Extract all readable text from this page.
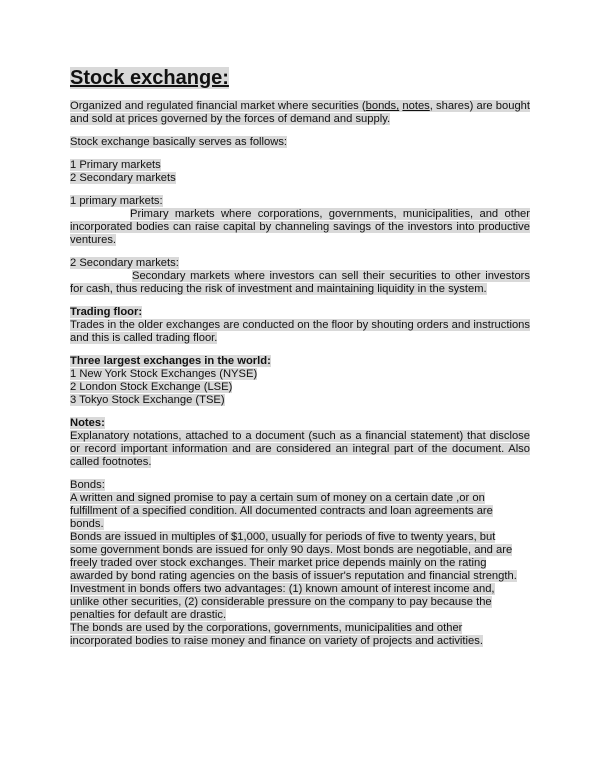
Stock exchange:

Organized and regulated financial market where securities (bonds, notes, shares) are bought and sold at prices governed by the forces of demand and supply.

Stock exchange basically serves as follows:

1 Primary markets
2 Secondary markets
1 primary markets:
Primary markets where corporations, governments, municipalities, and other incorporated bodies can raise capital by channeling savings of the investors into productive ventures.
2 Secondary markets:
Secondary markets where investors can sell their securities to other investors for cash, thus reducing the risk of investment and maintaining liquidity in the system.
Trading floor:
Trades in the older exchanges are conducted on the floor by shouting orders and instructions and this is called trading floor.
Three largest exchanges in the world:
1 New York Stock Exchanges (NYSE)
2 London Stock Exchange (LSE)
3 Tokyo Stock Exchange (TSE)
Notes:
Explanatory notations, attached to a document (such as a financial statement) that disclose or record important information and are considered an integral part of the document. Also called footnotes.
Bonds:
A written and signed promise to pay a certain sum of money on a certain date ,or on
fulfillment of a specified condition. All documented contracts and loan agreements are
bonds.
Bonds are issued in multiples of $1,000, usually for periods of five to twenty years, but
some government bonds are issued for only 90 days. Most bonds are negotiable, and are
freely traded over stock exchanges. Their market price depends mainly on the rating
awarded by bond rating agencies on the basis of issuer's reputation and financial strength.
Investment in bonds offers two advantages: (1) known amount of interest income and,
unlike other securities, (2) considerable pressure on the company to pay because the
penalties for default are drastic.
The bonds are used by the corporations, governments, municipalities and other
incorporated bodies to raise money and finance on variety of projects and activities.
